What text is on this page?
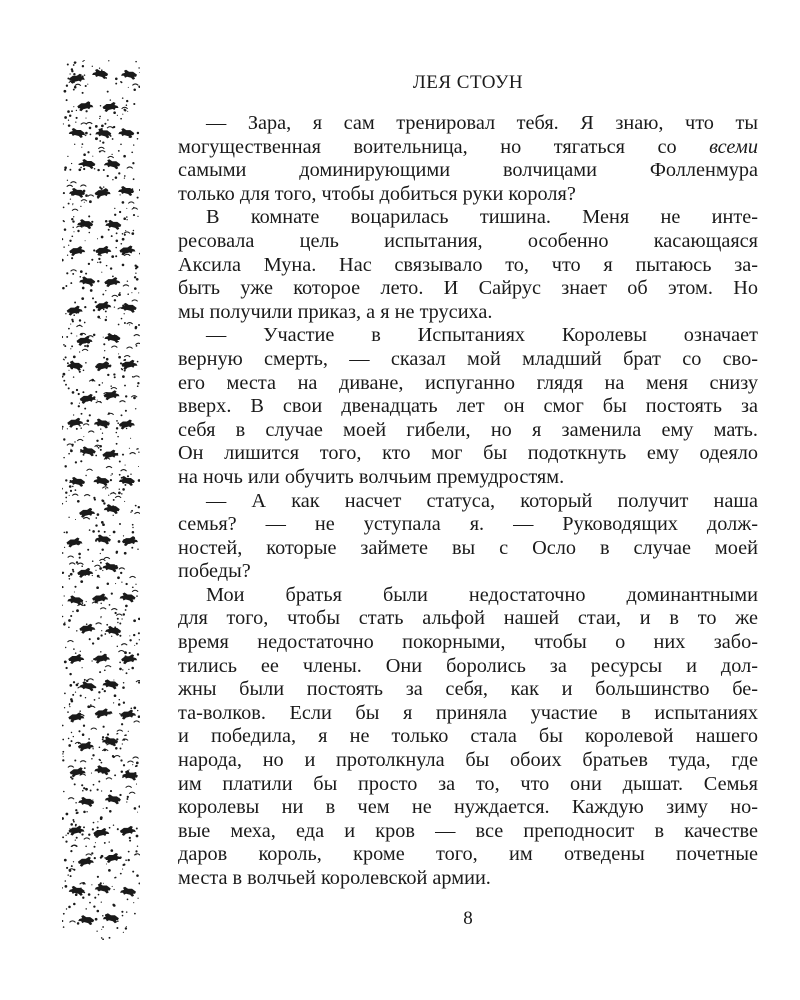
ЛЕЯ СТОУН
— Зара, я сам тренировал тебя. Я знаю, что ты
могущественная воительница, но тягаться со всеми
самыми доминирующими волчицами Фолленмура
только для того, чтобы добиться руки короля?
В комнате воцарилась тишина. Меня не инте-
ресовала цель испытания, особенно касающаяся
Аксила Муна. Нас связывало то, что я пытаюсь за-
быть уже которое лето. И Сайрус знает об этом. Но
мы получили приказ, а я не трусиха.
— Участие в Испытаниях Королевы означает
верную смерть, — сказал мой младший брат со сво-
его места на диване, испуганно глядя на меня снизу
вверх. В свои двенадцать лет он смог бы постоять за
себя в случае моей гибели, но я заменила ему мать.
Он лишится того, кто мог бы подоткнуть ему одеяло
на ночь или обучить волчьим премудростям.
— А как насчет статуса, который получит наша
семья? — не уступала я. — Руководящих долж-
ностей, которые займете вы с Осло в случае моей
победы?
Мои братья были недостаточно доминантными
для того, чтобы стать альфой нашей стаи, и в то же
время недостаточно покорными, чтобы о них забо-
тились ее члены. Они боролись за ресурсы и дол-
жны были постоять за себя, как и большинство бе-
та-волков. Если бы я приняла участие в испытаниях
и победила, я не только стала бы королевой нашего
народа, но и протолкнула бы обоих братьев туда, где
им платили бы просто за то, что они дышат. Семья
королевы ни в чем не нуждается. Каждую зиму но-
вые меха, еда и кров — все преподносит в качестве
даров король, кроме того, им отведены почетные
места в волчьей королевской армии.
8
